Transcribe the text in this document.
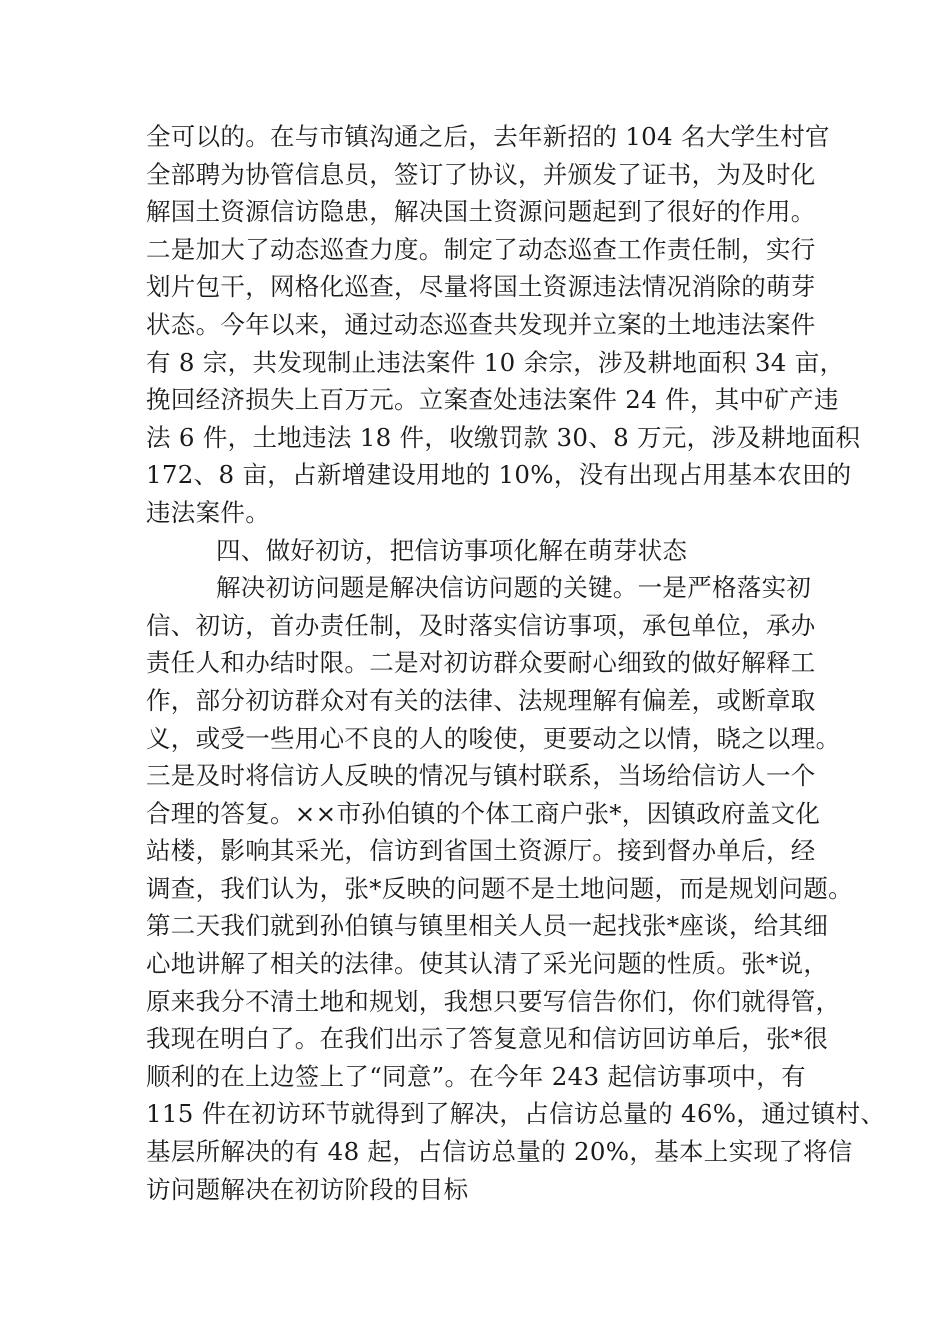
全可以的。在与市镇沟通之后，去年新招的 104 名大学生村官
全部聘为协管信息员，签订了协议，并颁发了证书，为及时化
解国土资源信访隐患，解决国土资源问题起到了很好的作用。
二是加大了动态巡查力度。制定了动态巡查工作责任制，实行
划片包干，网格化巡查，尽量将国土资源违法情况消除的萌芽
状态。今年以来，通过动态巡查共发现并立案的土地违法案件
有 8 宗，共发现制止违法案件 10 余宗，涉及耕地面积 34 亩，
挽回经济损失上百万元。立案查处违法案件 24 件，其中矿产违
法 6 件，土地违法 18 件，收缴罚款 30、8 万元，涉及耕地面积
172、8 亩，占新增建设用地的 10%，没有出现占用基本农田的
违法案件。
四、做好初访，把信访事项化解在萌芽状态
解决初访问题是解决信访问题的关键。一是严格落实初
信、初访，首办责任制，及时落实信访事项，承包单位，承办
责任人和办结时限。二是对初访群众要耐心细致的做好解释工
作，部分初访群众对有关的法律、法规理解有偏差，或断章取
义，或受一些用心不良的人的唆使，更要动之以情，晓之以理。
三是及时将信访人反映的情况与镇村联系，当场给信访人一个
合理的答复。××市孙伯镇的个体工商户张*，因镇政府盖文化
站楼，影响其采光，信访到省国土资源厅。接到督办单后，经
调查，我们认为，张*反映的问题不是土地问题，而是规划问题。
第二天我们就到孙伯镇与镇里相关人员一起找张*座谈，给其细
心地讲解了相关的法律。使其认清了采光问题的性质。张*说，
原来我分不清土地和规划，我想只要写信告你们，你们就得管，
我现在明白了。在我们出示了答复意见和信访回访单后，张*很
顺利的在上边签上了“同意”。在今年 243 起信访事项中，有
115 件在初访环节就得到了解决，占信访总量的 46%，通过镇村、
基层所解决的有 48 起，占信访总量的 20%，基本上实现了将信
访问题解决在初访阶段的目标
